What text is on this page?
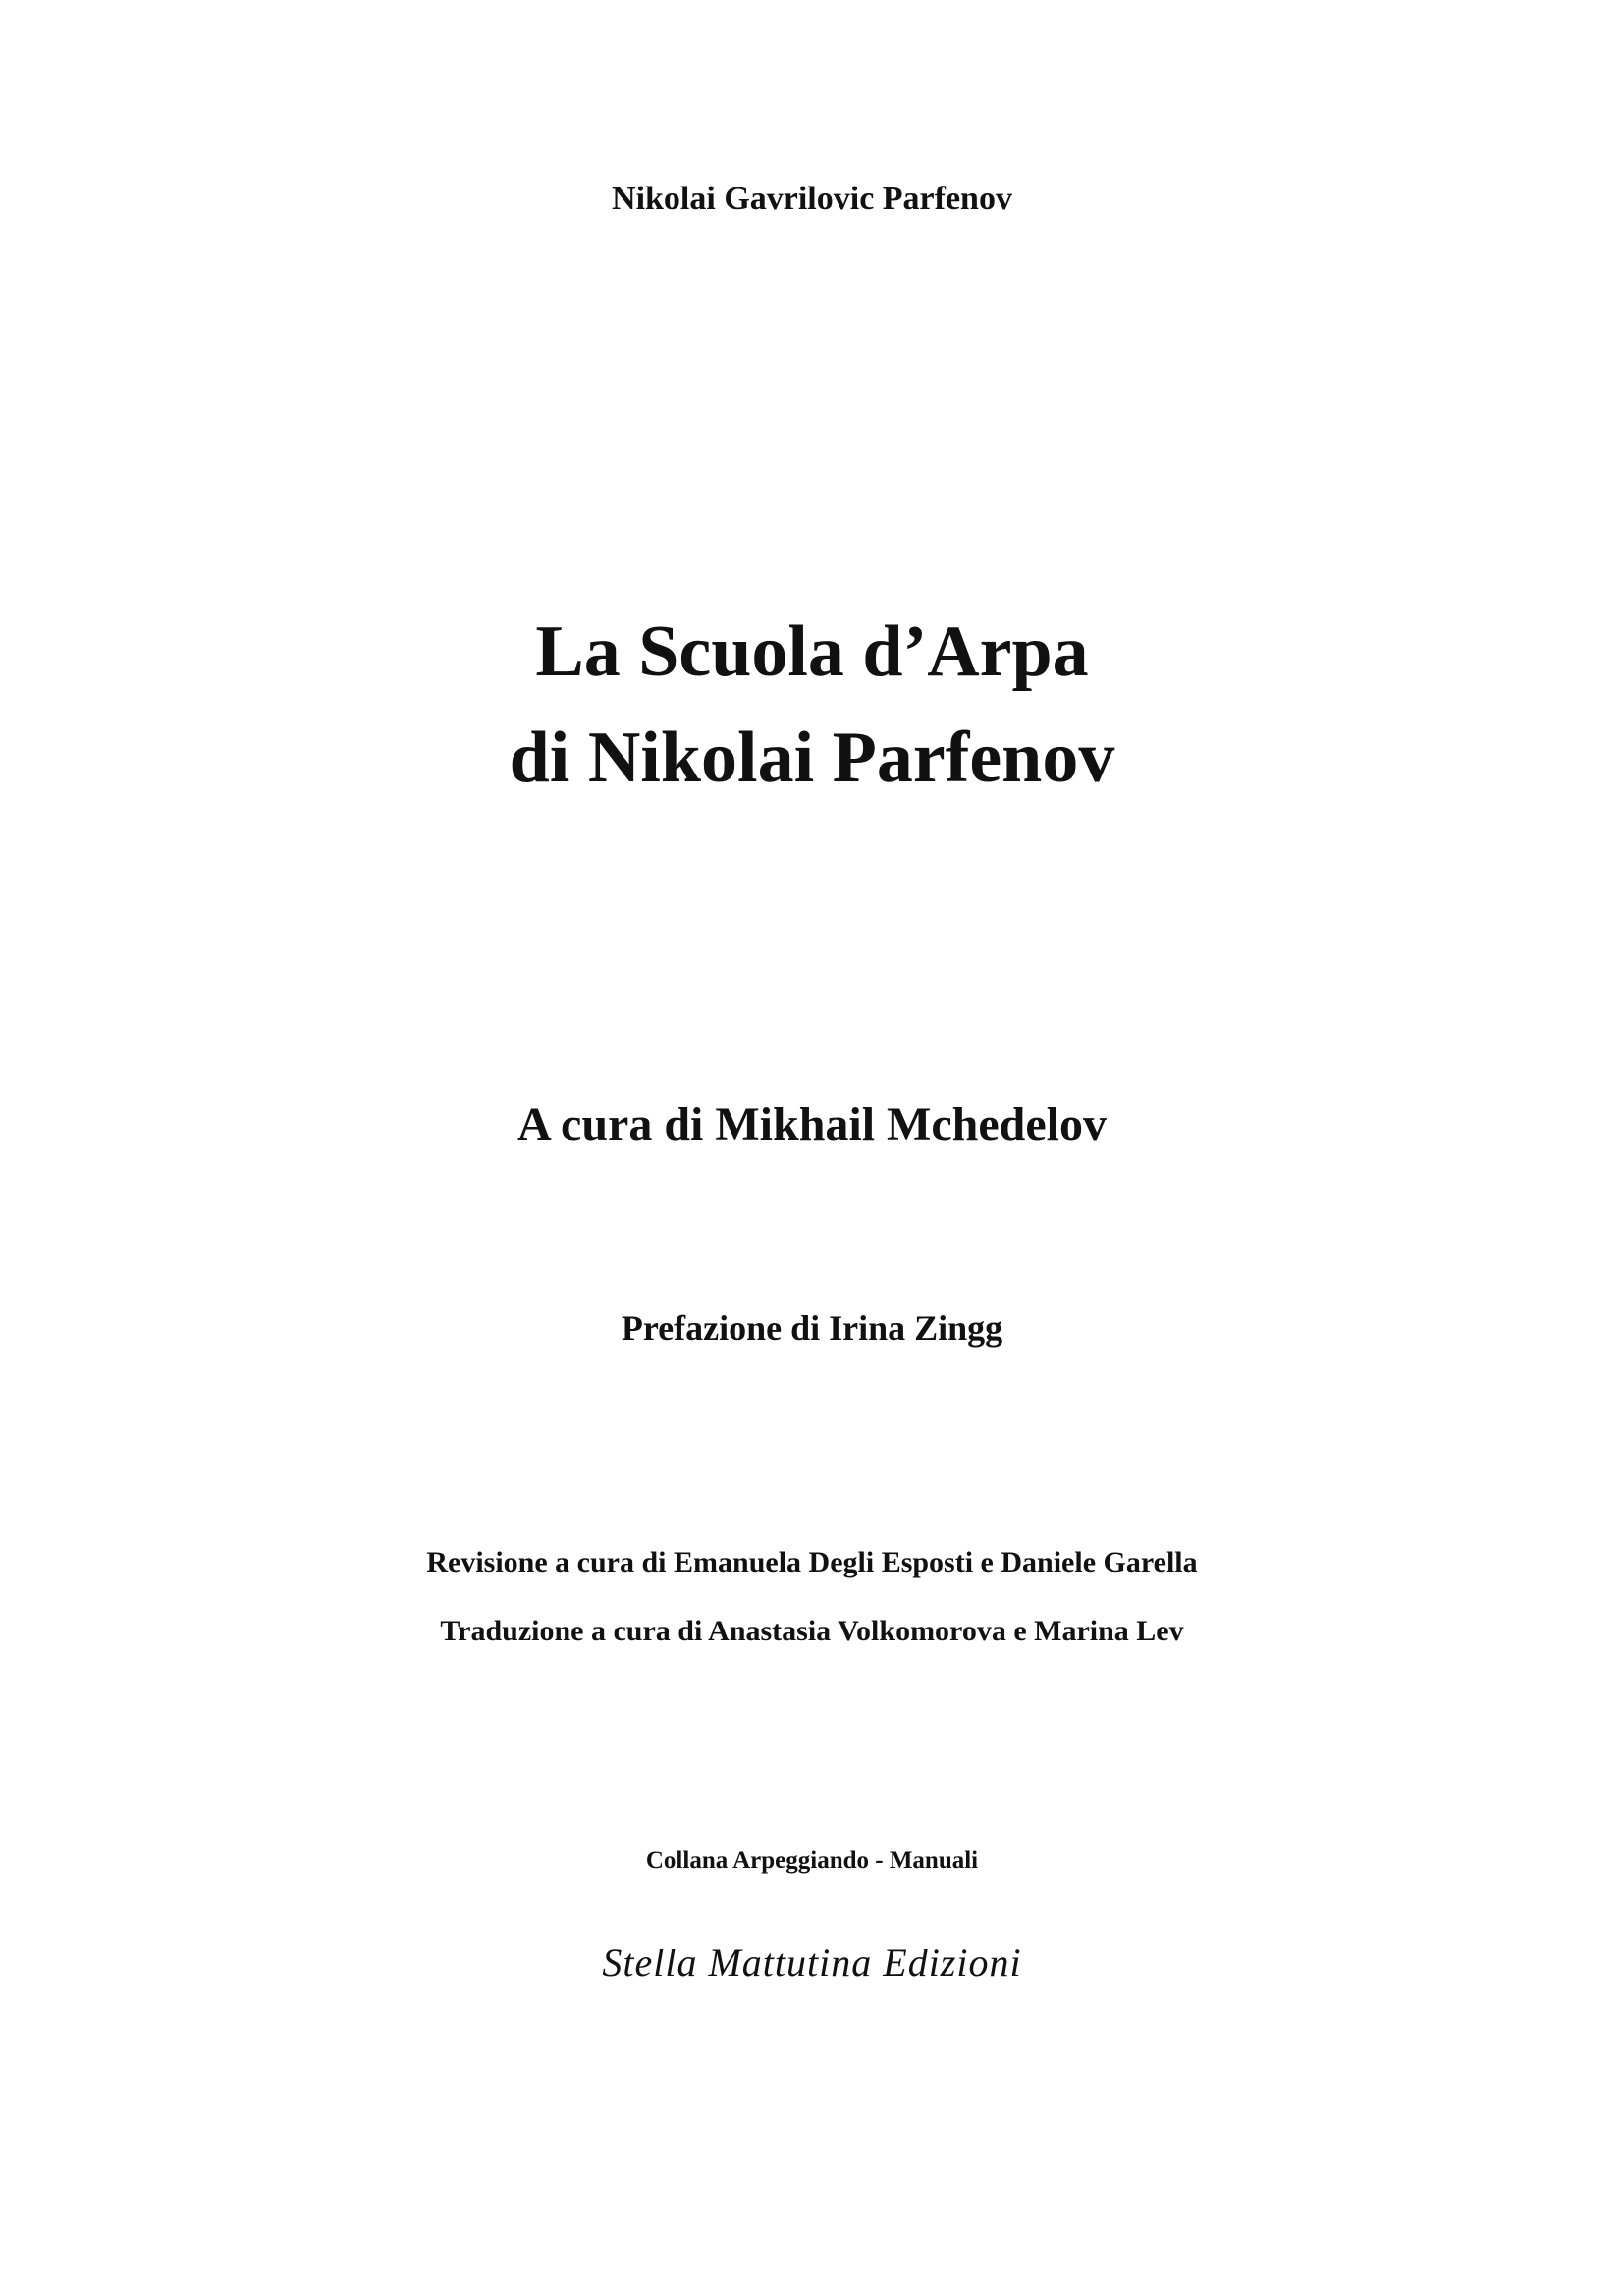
Nikolai Gavrilovic Parfenov
La Scuola d’Arpa
di Nikolai Parfenov
A cura di Mikhail Mchedelov
Prefazione di Irina Zingg
Revisione a cura di Emanuela Degli Esposti e Daniele Garella
Traduzione a cura di Anastasia Volkomorova e Marina Lev
Collana Arpeggiando - Manuali
Stella Mattutina Edizioni
